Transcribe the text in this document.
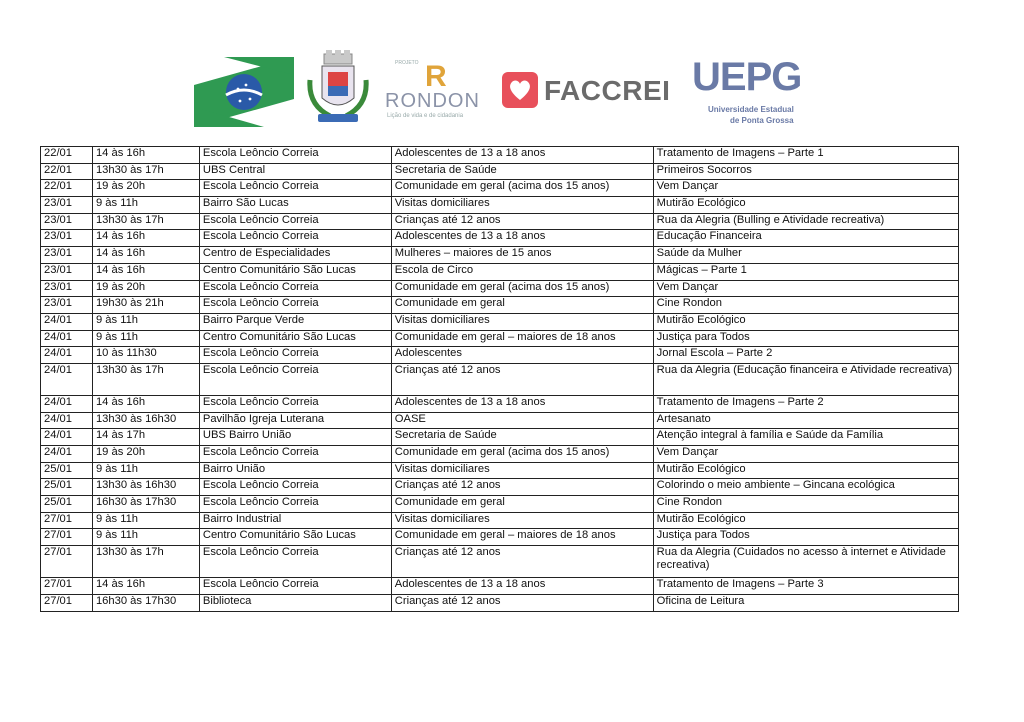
PROJETO R
RONDON
Lição de vida e de cidadania
FACCREI UEPG
Universidade Estadual
de Ponta Grossa
22/01	14 às 16h	Escola Leôncio Correia	Adolescentes de 13 a 18 anos	Tratamento de Imagens – Parte 1
22/01	13h30 às 17h	UBS Central	Secretaria de Saúde	Primeiros Socorros
22/01	19 às 20h	Escola Leôncio Correia	Comunidade em geral (acima dos 15 anos)	Vem Dançar
23/01	9 às 11h	Bairro São Lucas	Visitas domiciliares	Mutirão Ecológico
23/01	13h30 às 17h	Escola Leôncio Correia	Crianças até 12 anos	Rua da Alegria (Bulling e Atividade recreativa)
23/01	14 às 16h	Escola Leôncio Correia	Adolescentes de 13 a 18 anos	Educação Financeira
23/01	14 às 16h	Centro de Especialidades	Mulheres – maiores de 15 anos	Saúde da Mulher
23/01	14 às 16h	Centro Comunitário São Lucas	Escola de Circo	Mágicas – Parte 1
23/01	19 às 20h	Escola Leôncio Correia	Comunidade em geral (acima dos 15 anos)	Vem Dançar
23/01	19h30 às 21h	Escola Leôncio Correia	Comunidade em geral	Cine Rondon
24/01	9 às 11h	Bairro Parque Verde	Visitas domiciliares	Mutirão Ecológico
24/01	9 às 11h	Centro Comunitário São Lucas	Comunidade em geral – maiores de 18 anos	Justiça para Todos
24/01	10 às 11h30	Escola Leôncio Correia	Adolescentes	Jornal Escola – Parte 2
24/01	13h30 às 17h	Escola Leôncio Correia	Crianças até 12 anos	Rua da Alegria (Educação financeira e Atividade recreativa)
24/01	14 às 16h	Escola Leôncio Correia	Adolescentes de 13 a 18 anos	Tratamento de Imagens – Parte 2
24/01	13h30 às 16h30	Pavilhão Igreja Luterana	OASE	Artesanato
24/01	14 às 17h	UBS Bairro União	Secretaria de Saúde	Atenção integral à família e Saúde da Família
24/01	19 às 20h	Escola Leôncio Correia	Comunidade em geral (acima dos 15 anos)	Vem Dançar
25/01	9 às 11h	Bairro União	Visitas domiciliares	Mutirão Ecológico
25/01	13h30 às 16h30	Escola Leôncio Correia	Crianças até 12 anos	Colorindo o meio ambiente – Gincana ecológica
25/01	16h30 às 17h30	Escola Leôncio Correia	Comunidade em geral	Cine Rondon
27/01	9 às 11h	Bairro Industrial	Visitas domiciliares	Mutirão Ecológico
27/01	9 às 11h	Centro Comunitário São Lucas	Comunidade em geral – maiores de 18 anos	Justiça para Todos
27/01	13h30 às 17h	Escola Leôncio Correia	Crianças até 12 anos	Rua da Alegria (Cuidados no acesso à internet e Atividade recreativa)
27/01	14 às 16h	Escola Leôncio Correia	Adolescentes de 13 a 18 anos	Tratamento de Imagens – Parte 3
27/01	16h30 às 17h30	Biblioteca	Crianças até 12 anos	Oficina de Leitura
